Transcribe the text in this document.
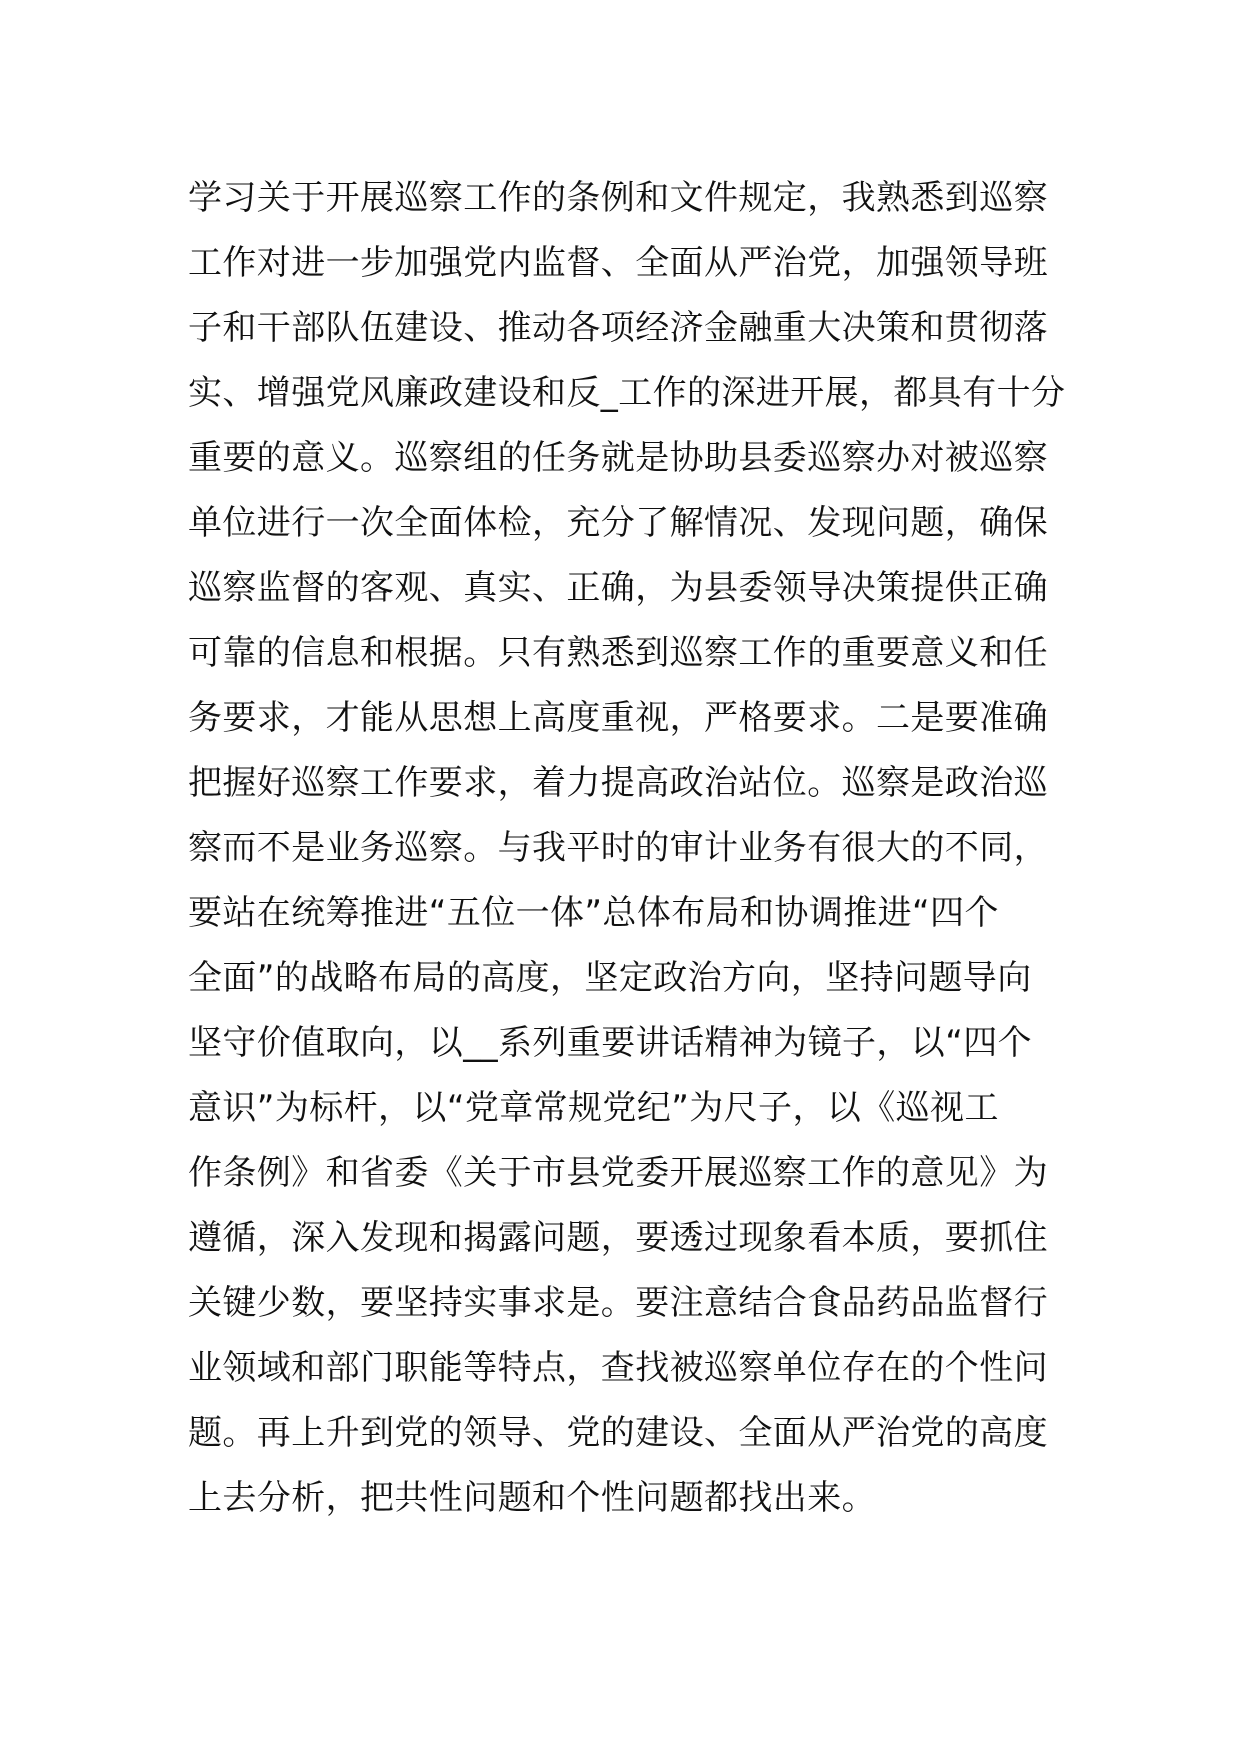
学习关于开展巡察工作的条例和文件规定，我熟悉到巡察
工作对进一步加强党内监督、全面从严治党，加强领导班
子和干部队伍建设、推动各项经济金融重大决策和贯彻落
实、增强党风廉政建设和反_工作的深进开展，都具有十分
重要的意义。巡察组的任务就是协助县委巡察办对被巡察
单位进行一次全面体检，充分了解情况、发现问题，确保
巡察监督的客观、真实、正确，为县委领导决策提供正确
可靠的信息和根据。只有熟悉到巡察工作的重要意义和任
务要求，才能从思想上高度重视，严格要求。二是要准确
把握好巡察工作要求，着力提高政治站位。巡察是政治巡
察而不是业务巡察。与我平时的审计业务有很大的不同，
要站在统筹推进“五位一体”总体布局和协调推进“四个
全面”的战略布局的高度，坚定政治方向，坚持问题导向
坚守价值取向，以__系列重要讲话精神为镜子，以“四个
意识”为标杆，以“党章常规党纪”为尺子，以《巡视工
作条例》和省委《关于市县党委开展巡察工作的意见》为
遵循，深入发现和揭露问题，要透过现象看本质，要抓住
关键少数，要坚持实事求是。要注意结合食品药品监督行
业领域和部门职能等特点，查找被巡察单位存在的个性问
题。再上升到党的领导、党的建设、全面从严治党的高度
上去分析，把共性问题和个性问题都找出来。
